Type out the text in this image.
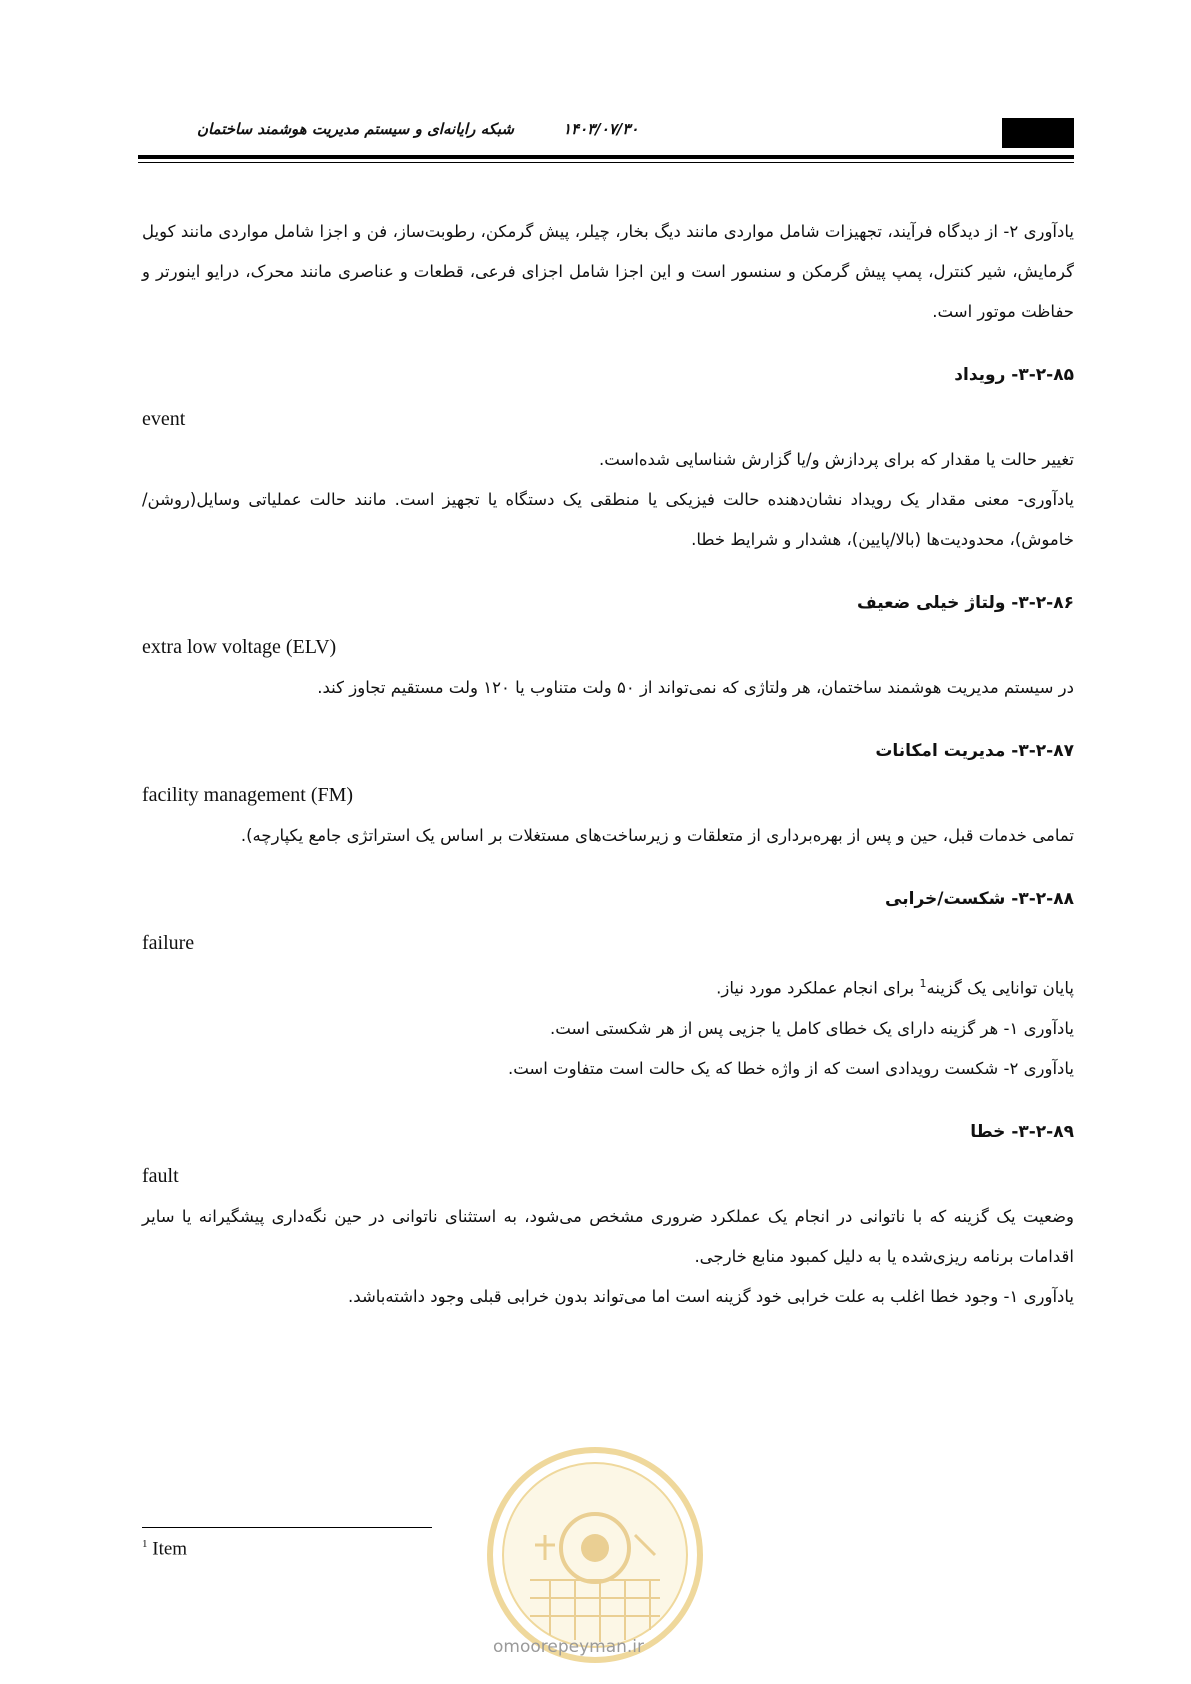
شبکه رایانه‌ای و سیستم مدیریت هوشمند ساختمان	۱۴۰۳/۰۷/۳۰
یادآوری ۲- از دیدگاه فرآیند، تجهیزات شامل مواردی مانند دیگ بخار، چیلر، پیش گرمکن، رطوبت‌ساز، فن و اجزا شامل مواردی مانند کویل گرمایش، شیر کنترل، پمپ پیش گرمکن و سنسور است و این اجزا شامل اجزای فرعی، قطعات و عناصری مانند محرک، درایو اینورتر و حفاظت موتور است.
۳-۲-۸۵- رویداد
event
تغییر حالت یا مقدار که برای پردازش و/یا گزارش شناسایی شده‌است.
یادآوری- معنی مقدار یک رویداد نشان‌دهنده حالت فیزیکی یا منطقی یک دستگاه یا تجهیز است. مانند حالت عملیاتی وسایل(روشن/خاموش)، محدودیت‌ها (بالا/پایین)، هشدار و شرایط خطا.
۳-۲-۸۶- ولتاژ خیلی ضعیف
extra low voltage (ELV)
در سیستم مدیریت هوشمند ساختمان، هر ولتاژی که نمی‌تواند از ۵۰ ولت متناوب یا ۱۲۰ ولت مستقیم تجاوز کند.
۳-۲-۸۷- مدیریت امکانات
facility management (FM)
تمامی خدمات قبل، حین و پس از بهره‌برداری از متعلقات و زیرساخت‌های مستغلات بر اساس یک استراتژی جامع یکپارچه).
۳-۲-۸۸- شکست/خرابی
failure
پایان توانایی یک گزینه$^1$ برای انجام عملکرد مورد نیاز.
یادآوری ۱- هر گزینه دارای یک خطای کامل یا جزیی پس از هر شکستی است.
یادآوری ۲- شکست رویدادی است که از واژه خطا که یک حالت است متفاوت است.
۳-۲-۸۹- خطا
fault
وضعیت یک گزینه که با ناتوانی در انجام یک عملکرد ضروری مشخص می‌شود، به استثنای ناتوانی در حین نگه‌داری پیشگیرانه یا سایر اقدامات برنامه ریزی‌شده یا به دلیل کمبود منابع خارجی.
یادآوری ۱- وجود خطا اغلب به علت خرابی خود گزینه است اما می‌تواند بدون خرابی قبلی وجود داشته‌باشد.
$^1$ Item
omoorepeyman.ir
